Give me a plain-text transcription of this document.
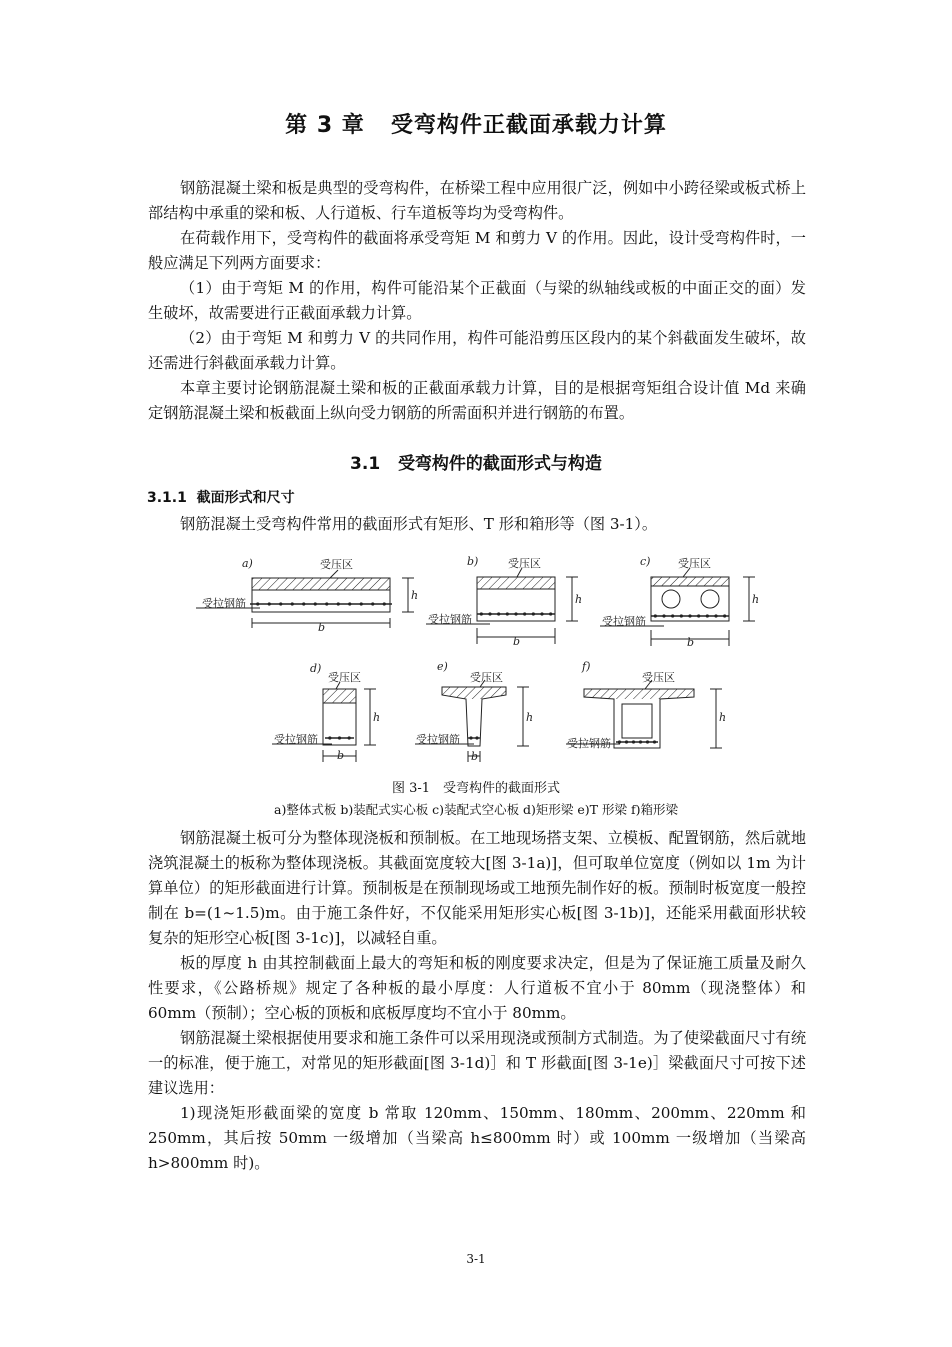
第 3 章 受弯构件正截面承载力计算

钢筋混凝土梁和板是典型的受弯构件，在桥梁工程中应用很广泛，例如中小跨径梁或板式桥上部结构中承重的梁和板、人行道板、行车道板等均为受弯构件。

在荷载作用下，受弯构件的截面将承受弯矩 M 和剪力 V 的作用。因此，设计受弯构件时，一般应满足下列两方面要求：

（1）由于弯矩 M 的作用，构件可能沿某个正截面（与梁的纵轴线或板的中面正交的面）发生破坏，故需要进行正截面承载力计算。

（2）由于弯矩 M 和剪力 V 的共同作用，构件可能沿剪压区段内的某个斜截面发生破坏，故还需进行斜截面承载力计算。

本章主要讨论钢筋混凝土梁和板的正截面承载力计算，目的是根据弯矩组合设计值 Md 来确定钢筋混凝土梁和板截面上纵向受力钢筋的所需面积并进行钢筋的布置。

3.1 受弯构件的截面形式与构造
3.1.1 截面形式和尺寸

钢筋混凝土受弯构件常用的截面形式有矩形、T 形和箱形等（图 3-1）。

a)	受压区
受拉钢筋
b
h
b)	受压区
受拉钢筋
b
h
c)	受压区
受拉钢筋
b
h
d)
受压区
受拉钢筋
b
h
e)
受压区
受拉钢筋
b
h
f)
受压区
受拉钢筋
h
图 3-1　受弯构件的截面形式
a)整体式板 b)装配式实心板 c)装配式空心板 d)矩形梁 e)T 形梁 f)箱形梁

钢筋混凝土板可分为整体现浇板和预制板。在工地现场搭支架、立模板、配置钢筋，然后就地浇筑混凝土的板称为整体现浇板。其截面宽度较大[图 3-1a)]，但可取单位宽度（例如以 1m 为计算单位）的矩形截面进行计算。预制板是在预制现场或工地预先制作好的板。预制时板宽度一般控制在 b=(1~1.5)m。由于施工条件好，不仅能采用矩形实心板[图 3-1b)]，还能采用截面形状较复杂的矩形空心板[图 3-1c)]，以减轻自重。

板的厚度 h 由其控制截面上最大的弯矩和板的刚度要求决定，但是为了保证施工质量及耐久性要求，《公路桥规》规定了各种板的最小厚度：人行道板不宜小于 80mm（现浇整体）和 60mm（预制）；空心板的顶板和底板厚度均不宜小于 80mm。

钢筋混凝土梁根据使用要求和施工条件可以采用现浇或预制方式制造。为了使梁截面尺寸有统一的标准，便于施工，对常见的矩形截面[图 3-1d)］和 T 形截面[图 3-1e)］梁截面尺寸可按下述建议选用：

1)现浇矩形截面梁的宽度 b 常取 120mm、150mm、180mm、200mm、220mm 和 250mm，其后按 50mm 一级增加（当梁高 h≤800mm 时）或 100mm 一级增加（当梁高 h>800mm 时)。

3-1
